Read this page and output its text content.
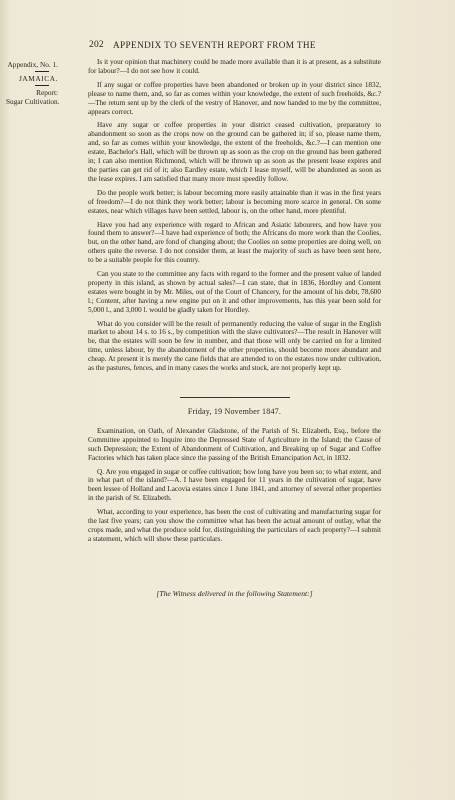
202 APPENDIX TO SEVENTH REPORT FROM THE
Appendix, No. 1.
JAMAICA.
Report:
Sugar Cultivation.

Is it your opinion that machinery could be made more available than it is at present, as a substitute for labour?—I do not see how it could.

If any sugar or coffee properties have been abandoned or broken up in your district since 1832, please to name them, and, so far as comes within your knowledge, the extent of such freeholds, &c.?—The return sent up by the clerk of the vestry of Hanover, and now handed to me by the committee, appears correct.

Have any sugar or coffee properties in your district ceased cultivation, preparatory to abandonment so soon as the crops now on the ground can be gathered in; if so, please name them, and, so far as comes within your knowledge, the extent of the freeholds, &c.?—I can mention one estate, Bachelor's Hall, which will be thrown up as soon as the crop on the ground has been gathered in; I can also mention Richmond, which will be thrown up as soon as the present lease expires and the parties can get rid of it; also Eardley estate, which I lease myself, will be abandoned as soon as the lease expires. I am satisfied that many more must speedily follow.

Do the people work better; is labour becoming more easily attainable than it was in the first years of freedom?—I do not think they work better; labour is becoming more scarce in general. On some estates, near which villages have been settled, labour is, on the other hand, more plentiful.

Have you had any experience with regard to African and Asiatic labourers, and how have you found them to answer?—I have had experience of both; the Africans do more work than the Coolies, but, on the other hand, are fond of changing about; the Coolies on some properties are doing well, on others quite the reverse. I do not consider them, at least the majority of such as have been sent here, to be a suitable people for this country.

Can you state to the committee any facts with regard to the former and the present value of landed property in this island, as shown by actual sales?—I can state, that in 1836, Hordley and Content estates were bought in by Mr. Miles, out of the Court of Chancery, for the amount of his debt, 78,600 l.; Content, after having a new engine put on it and other improvements, has this year been sold for 5,000 l., and 3,000 l. would be gladly taken for Hordley.

What do you consider will be the result of permanently reducing the value of sugar in the English market to about 14 s. to 16 s., by competition with the slave cultivators?—The result in Hanover will be, that the estates will soon be few in number, and that those will only be carried on for a limited time, unless labour, by the abandonment of the other properties, should become more abundant and cheap. At present it is merely the cane fields that are attended to on the estates now under cultivation, as the pastures, fences, and in many cases the works and stock, are not properly kept up.

Friday, 19 November 1847.

Examination, on Oath, of Alexander Gladstone, of the Parish of St. Elizabeth, Esq., before the Committee appointed to Inquire into the Depressed State of Agriculture in the Island; the Cause of such Depression; the Extent of Abandonment of Cultivation, and Breaking up of Sugar and Coffee Factories which has taken place since the passing of the British Emancipation Act, in 1832.

Q. Are you engaged in sugar or coffee cultivation; how long have you been so; to what extent, and in what part of the island?—A. I have been engaged for 11 years in the cultivation of sugar, have been lessee of Holland and Lacovia estates since 1 June 1841, and attorney of several other properties in the parish of St. Elizabeth.

What, according to your experience, has been the cost of cultivating and manufacturing sugar for the last five years; can you show the committee what has been the actual amount of outlay, what the crops made, and what the produce sold for, distinguishing the particulars of each property?—I submit a statement, which will show these particulars.

[The Witness delivered in the following Statement:]
